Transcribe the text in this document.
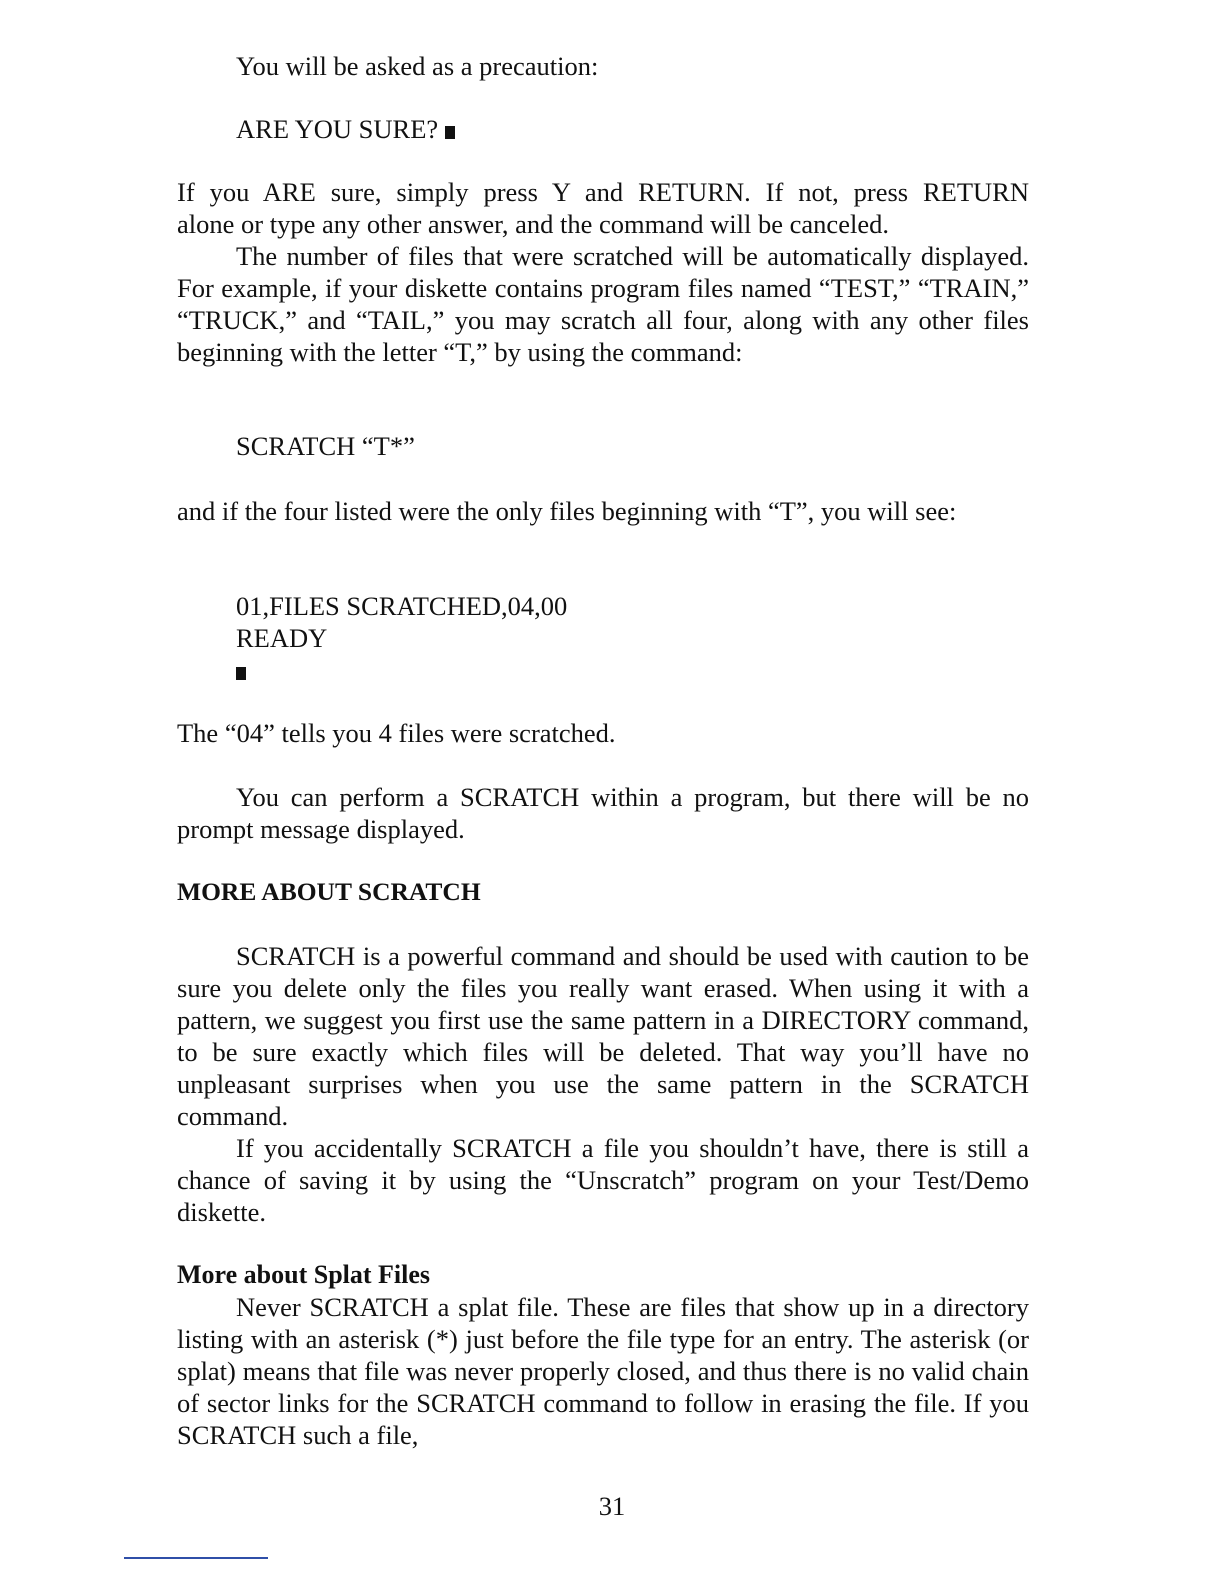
You will be asked as a precaution:

ARE YOU SURE?

If you ARE sure, simply press Y and RETURN. If not, press RETURN

alone or type any other answer, and the command will be canceled.

The number of files that were scratched will be automatically displayed. For example, if your diskette contains program files named “TEST,” “TRAIN,” “TRUCK,” and “TAIL,” you may scratch all four, along with any other files beginning with the letter “T,” by using the command:

SCRATCH “T*”

and if the four listed were the only files beginning with “T”, you will see:

01,FILES SCRATCHED,04,00

READY

The “04” tells you 4 files were scratched.

You can perform a SCRATCH within a program, but there will be no prompt message displayed.

MORE ABOUT SCRATCH

SCRATCH is a powerful command and should be used with caution to be sure you delete only the files you really want erased. When using it with a pattern, we suggest you first use the same pattern in a DIRECTORY command, to be sure exactly which files will be deleted. That way you’ll have no unpleasant surprises when you use the same pattern in the SCRATCH command.

If you accidentally SCRATCH a file you shouldn’t have, there is still a chance of saving it by using the “Unscratch” program on your Test/Demo diskette.

More about Splat Files

Never SCRATCH a splat file. These are files that show up in a directory listing with an asterisk (*) just before the file type for an entry. The asterisk (or splat) means that file was never properly closed, and thus there is no valid chain of sector links for the SCRATCH command to follow in erasing the file. If you SCRATCH such a file,

31
